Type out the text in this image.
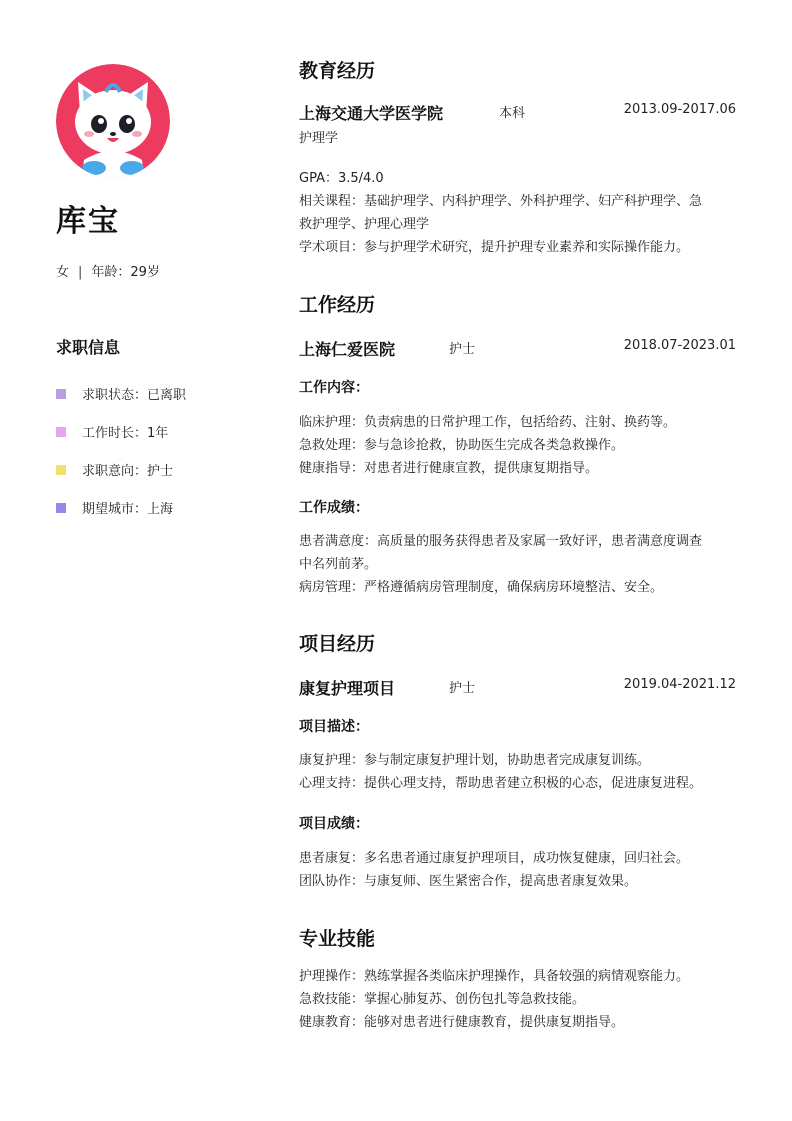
库宝
女 | 年龄：29岁
求职信息
求职状态：已离职
工作时长：1年
求职意向：护士
期望城市：上海
教育经历
上海交通大学医学院	本科	2013.09-2017.06
护理学
GPA：3.5/4.0
相关课程：基础护理学、内科护理学、外科护理学、妇产科护理学、急
救护理学、护理心理学
学术项目：参与护理学术研究，提升护理专业素养和实际操作能力。
工作经历
上海仁爱医院	护士	2018.07-2023.01
工作内容：
临床护理：负责病患的日常护理工作，包括给药、注射、换药等。
急救处理：参与急诊抢救，协助医生完成各类急救操作。
健康指导：对患者进行健康宣教，提供康复期指导。
工作成绩：
患者满意度：高质量的服务获得患者及家属一致好评，患者满意度调查
中名列前茅。
病房管理：严格遵循病房管理制度，确保病房环境整洁、安全。
项目经历
康复护理项目	护士	2019.04-2021.12
项目描述：
康复护理：参与制定康复护理计划，协助患者完成康复训练。
心理支持：提供心理支持，帮助患者建立积极的心态，促进康复进程。
项目成绩：
患者康复：多名患者通过康复护理项目，成功恢复健康，回归社会。
团队协作：与康复师、医生紧密合作，提高患者康复效果。
专业技能
护理操作：熟练掌握各类临床护理操作，具备较强的病情观察能力。
急救技能：掌握心肺复苏、创伤包扎等急救技能。
健康教育：能够对患者进行健康教育，提供康复期指导。
